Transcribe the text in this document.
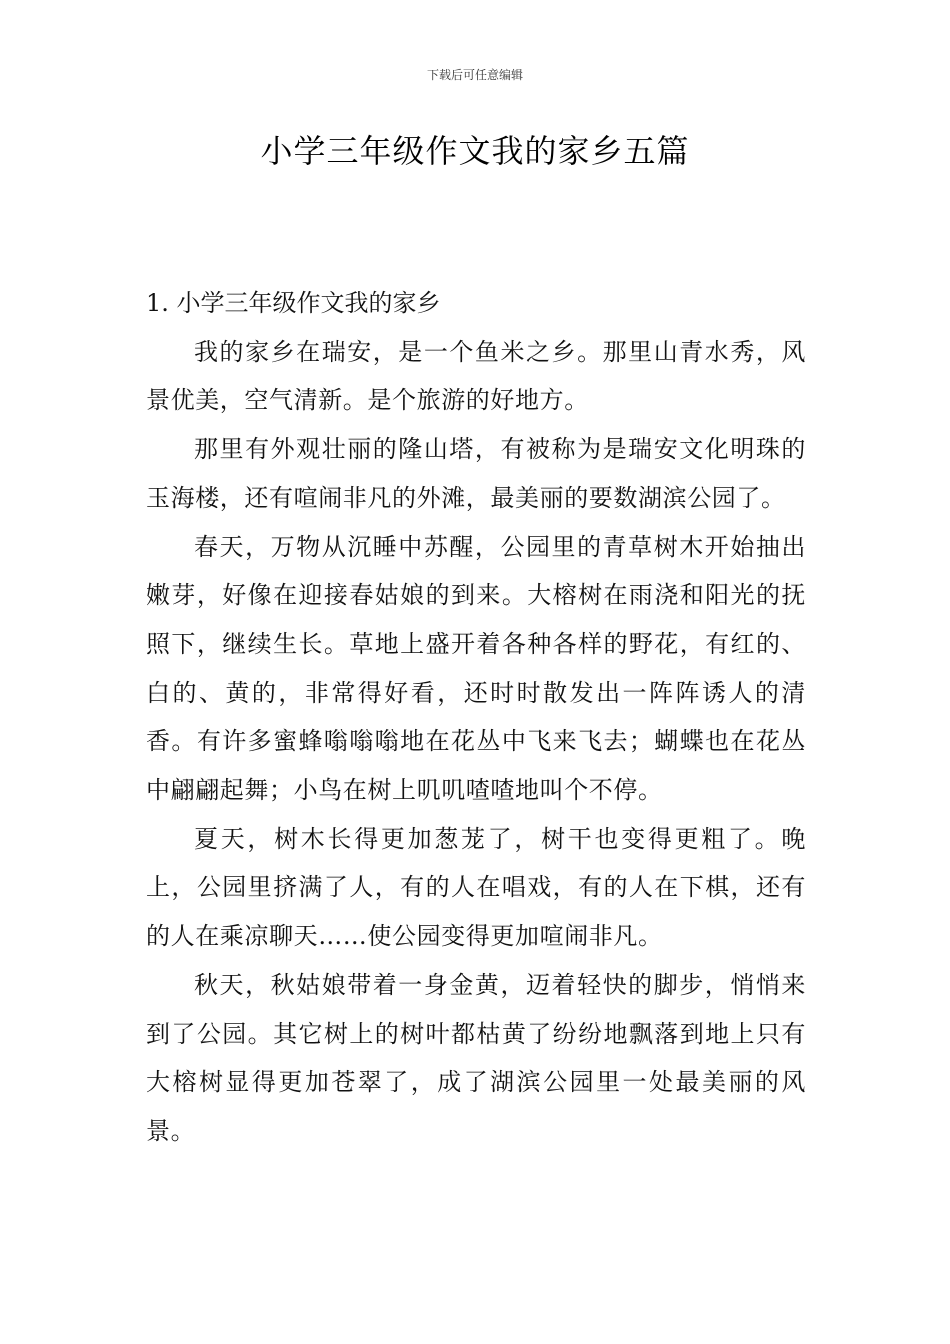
下载后可任意编辑
小学三年级作文我的家乡五篇

1. 小学三年级作文我的家乡

我的家乡在瑞安，是一个鱼米之乡。那里山青水秀，风景优美，空气清新。是个旅游的好地方。

那里有外观壮丽的隆山塔，有被称为是瑞安文化明珠的玉海楼，还有喧闹非凡的外滩，最美丽的要数湖滨公园了。

春天，万物从沉睡中苏醒，公园里的青草树木开始抽出嫩芽，好像在迎接春姑娘的到来。大榕树在雨浇和阳光的抚照下，继续生长。草地上盛开着各种各样的野花，有红的、白的、黄的，非常得好看，还时时散发出一阵阵诱人的清香。有许多蜜蜂嗡嗡嗡地在花丛中飞来飞去；蝴蝶也在花丛中翩翩起舞；小鸟在树上叽叽喳喳地叫个不停。

夏天，树木长得更加葱茏了，树干也变得更粗了。晚上，公园里挤满了人，有的人在唱戏，有的人在下棋，还有的人在乘凉聊天……使公园变得更加喧闹非凡。

秋天，秋姑娘带着一身金黄，迈着轻快的脚步，悄悄来到了公园。其它树上的树叶都枯黄了纷纷地飘落到地上只有大榕树显得更加苍翠了，成了湖滨公园里一处最美丽的风景。
